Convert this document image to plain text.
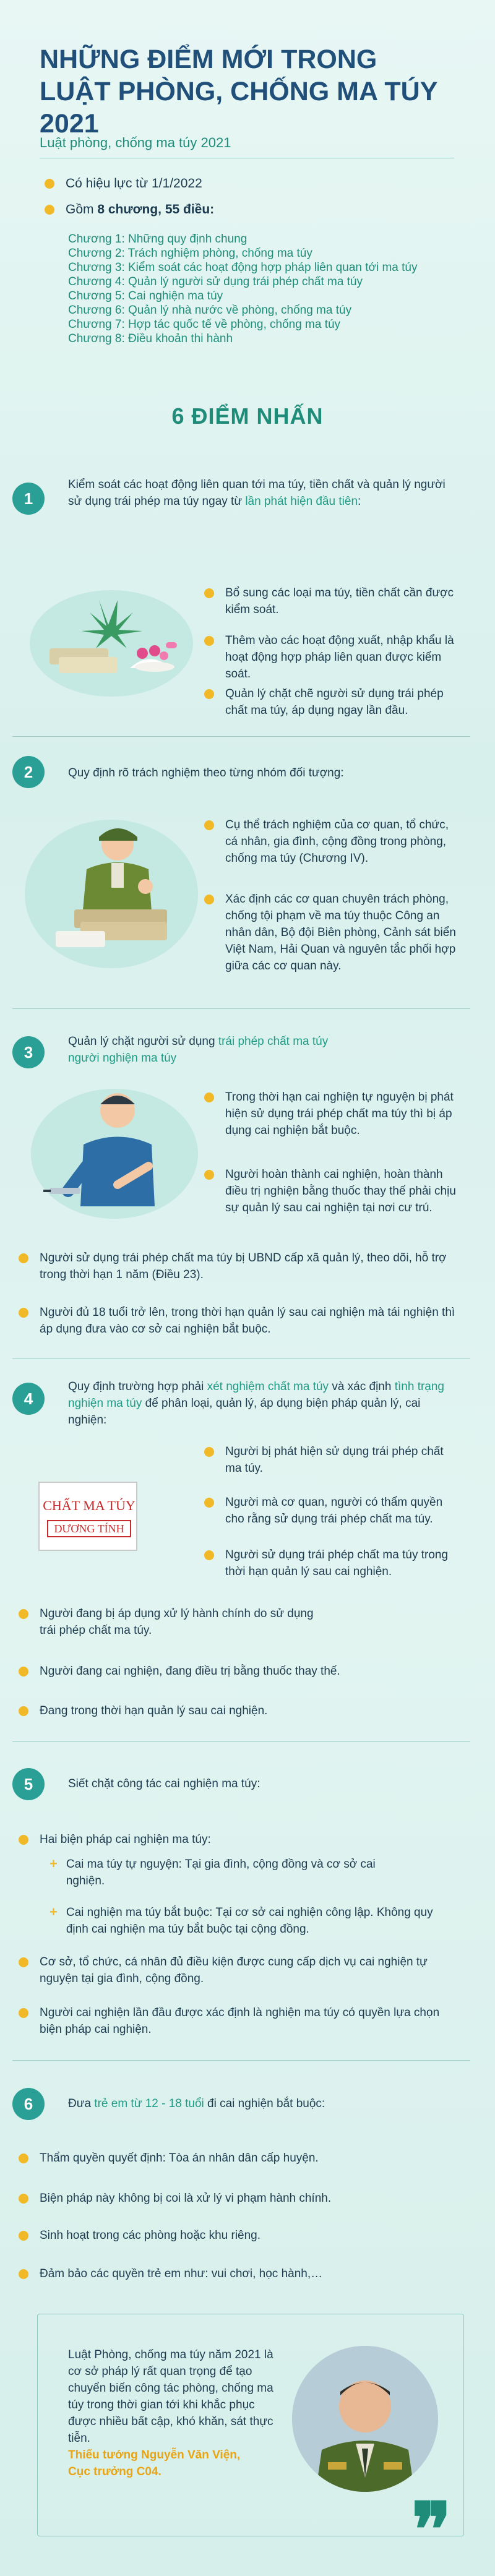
NHỮNG ĐIỂM MỚI TRONG
LUẬT PHÒNG, CHỐNG MA TÚY 2021
Luật phòng, chống ma túy 2021
Có hiệu lực từ 1/1/2022
Gồm 8 chương, 55 điều:
Chương 1: Những quy định chung
Chương 2: Trách nghiệm phòng, chống ma túy
Chương 3: Kiểm soát các hoạt động hợp pháp liên quan tới ma túy
Chương 4: Quản lý người sử dụng trái phép chất ma túy
Chương 5: Cai nghiện ma túy
Chương 6: Quản lý nhà nước về phòng, chống ma túy
Chương 7: Hợp tác quốc tế về phòng, chống ma túy
Chương 8: Điều khoản thi hành
6 ĐIỂM NHẤN
1
Kiểm soát các hoạt động liên quan tới ma túy, tiền chất và quản lý người sử dụng trái phép ma túy ngay từ lần phát hiện đầu tiên:
Bổ sung các loại ma túy, tiền chất cần được kiểm soát.
Thêm vào các hoạt động xuất, nhập khẩu là hoạt động hợp pháp liên quan được kiểm soát.
Quản lý chặt chẽ người sử dụng trái phép chất ma túy, áp dụng ngay lần đầu.
2	Quy định rõ trách nghiệm theo từng nhóm đối tượng:
Cụ thể trách nghiệm của cơ quan, tổ chức, cá nhân, gia đình, cộng đồng trong phòng, chống ma túy (Chương IV).
Xác định các cơ quan chuyên trách phòng, chống tội phạm về ma túy thuộc Công an nhân dân, Bộ đội Biên phòng, Cảnh sát biển Việt Nam, Hải Quan và nguyên tắc phối hợp giữa các cơ quan này.
3
Quản lý chặt người sử dụng trái phép chất ma túy
người nghiện ma túy
Trong thời hạn cai nghiện tự nguyện bị phát hiện sử dụng trái phép chất ma túy thì bị áp dụng cai nghiện bắt buộc.
Người hoàn thành cai nghiện, hoàn thành điều trị nghiện bằng thuốc thay thế phải chịu sự quản lý sau cai nghiện tại nơi cư trú.
Người sử dụng trái phép chất ma túy bị UBND cấp xã quản lý, theo dõi, hỗ trợ trong thời hạn 1 năm (Điều 23).
Người đủ 18 tuổi trở lên, trong thời hạn quản lý sau cai nghiện mà tái nghiện thì áp dụng đưa vào cơ sở cai nghiện bắt buộc.
4
Quy định trường hợp phải xét nghiệm chất ma túy và xác định tình trạng nghiện ma túy để phân loại, quản lý, áp dụng biện pháp quản lý, cai nghiện:
CHẤT MA TÚY
DƯƠNG TÍNH
Người bị phát hiện sử dụng trái phép chất ma túy.
Người mà cơ quan, người có thẩm quyền cho rằng sử dụng trái phép chất ma túy.
Người sử dụng trái phép chất ma túy trong thời hạn quản lý sau cai nghiện.
Người đang bị áp dụng xử lý hành chính do sử dụng trái phép chất ma túy.
Người đang cai nghiện, đang điều trị bằng thuốc thay thế.
Đang trong thời hạn quản lý sau cai nghiện.
5	Siết chặt công tác cai nghiện ma túy:
Hai biện pháp cai nghiện ma túy:
+ Cai ma túy tự nguyện: Tại gia đình, cộng đồng và cơ sở cai nghiện.
+ Cai nghiện ma túy bắt buộc: Tại cơ sở cai nghiện công lập. Không quy định cai nghiện ma túy bắt buộc tại cộng đồng.
Cơ sở, tổ chức, cá nhân đủ điều kiện được cung cấp dịch vụ cai nghiện tự nguyện tại gia đình, cộng đồng.
Người cai nghiện lần đầu được xác định là nghiện ma túy có quyền lựa chọn biện pháp cai nghiện.
6	Đưa trẻ em từ 12 - 18 tuổi đi cai nghiện bắt buộc:
Thẩm quyền quyết định: Tòa án nhân dân cấp huyện.
Biện pháp này không bị coi là xử lý vi phạm hành chính.
Sinh hoạt trong các phòng hoặc khu riêng.
Đảm bảo các quyền trẻ em như: vui chơi, học hành,…
Luật Phòng, chống ma túy năm 2021 là cơ sở pháp lý rất quan trọng để tạo chuyển biến công tác phòng, chống ma túy trong thời gian tới khi khắc phục được nhiều bất cập, khó khăn, sát thực tiễn.
Thiếu tướng Nguyễn Văn Viện,
Cục trưởng C04.
❞
